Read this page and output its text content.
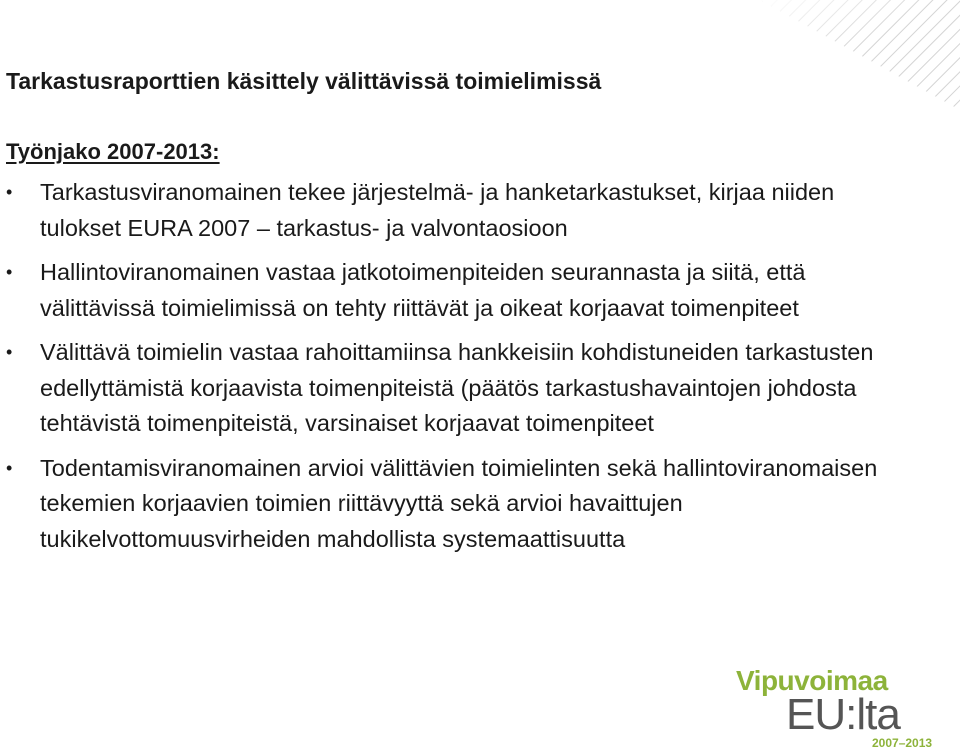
Tarkastusraporttien käsittely välittävissä toimielimissä
Työnjako 2007-2013:
• Tarkastusviranomainen tekee järjestelmä- ja hanketarkastukset, kirjaa niiden tulokset EURA 2007 – tarkastus- ja valvontaosioon
• Hallintoviranomainen vastaa jatkotoimenpiteiden seurannasta ja siitä, että välittävissä toimielimissä on tehty riittävät ja oikeat korjaavat toimenpiteet
• Välittävä toimielin vastaa rahoittamiinsa hankkeisiin kohdistuneiden tarkastusten edellyttämistä korjaavista toimenpiteistä (päätös tarkastushavaintojen johdosta tehtävistä toimenpiteistä, varsinaiset korjaavat toimenpiteet
• Todentamisviranomainen arvioi välittävien toimielinten sekä hallintoviranomaisen tekemien korjaavien toimien riittävyyttä sekä arvioi havaittujen tukikelvottomuusvirheiden mahdollista systemaattisuutta
Vipuvoimaa
EU:lta
2007–2013
